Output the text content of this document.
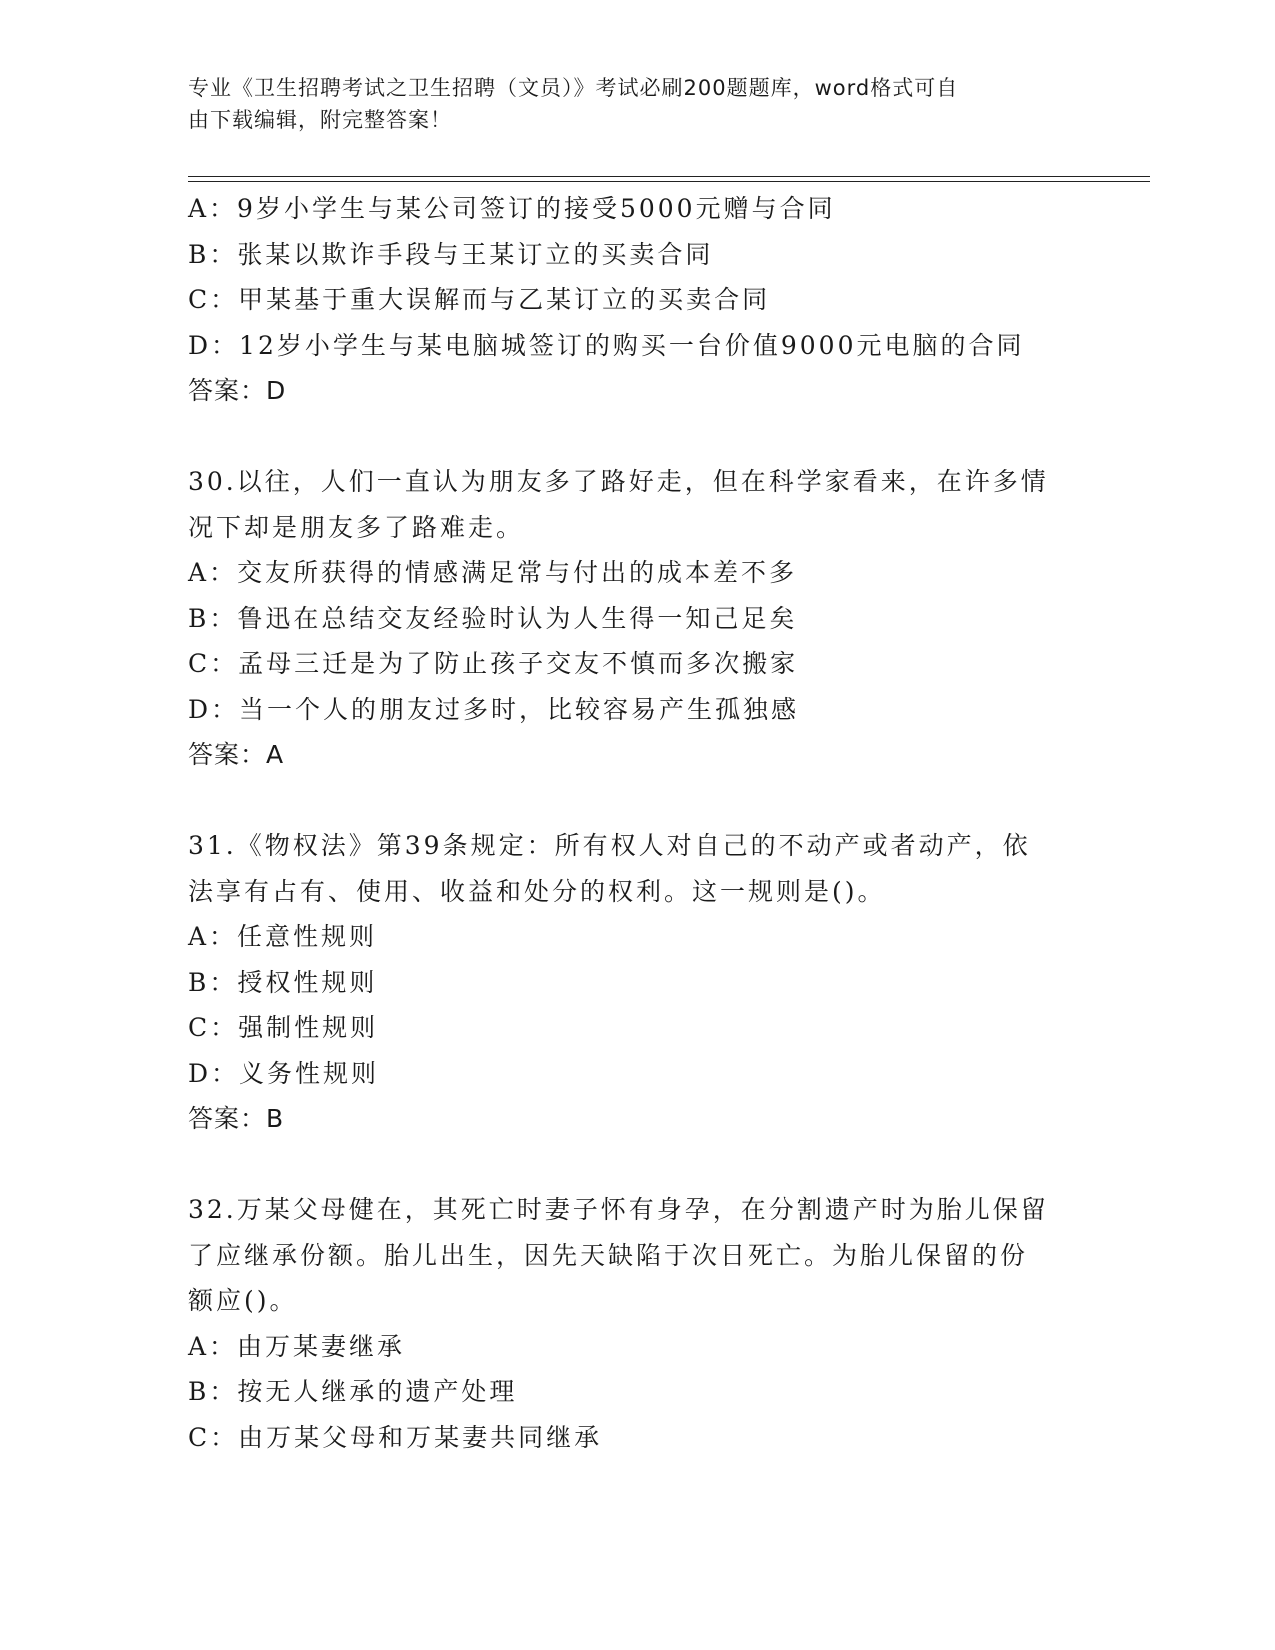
专业《卫生招聘考试之卫生招聘（文员）》考试必刷200题题库，word格式可自
由下载编辑，附完整答案！
A：9岁小学生与某公司签订的接受5000元赠与合同
B：张某以欺诈手段与王某订立的买卖合同
C：甲某基于重大误解而与乙某订立的买卖合同
D：12岁小学生与某电脑城签订的购买一台价值9000元电脑的合同
答案：D
30.以往，人们一直认为朋友多了路好走，但在科学家看来，在许多情
况下却是朋友多了路难走。
A：交友所获得的情感满足常与付出的成本差不多
B：鲁迅在总结交友经验时认为人生得一知己足矣
C：孟母三迁是为了防止孩子交友不慎而多次搬家
D：当一个人的朋友过多时，比较容易产生孤独感
答案：A
31.《物权法》第39条规定：所有权人对自己的不动产或者动产，依
法享有占有、使用、收益和处分的权利。这一规则是()。
A：任意性规则
B：授权性规则
C：强制性规则
D：义务性规则
答案：B
32.万某父母健在，其死亡时妻子怀有身孕，在分割遗产时为胎儿保留
了应继承份额。胎儿出生，因先天缺陷于次日死亡。为胎儿保留的份
额应()。
A：由万某妻继承
B：按无人继承的遗产处理
C：由万某父母和万某妻共同继承
